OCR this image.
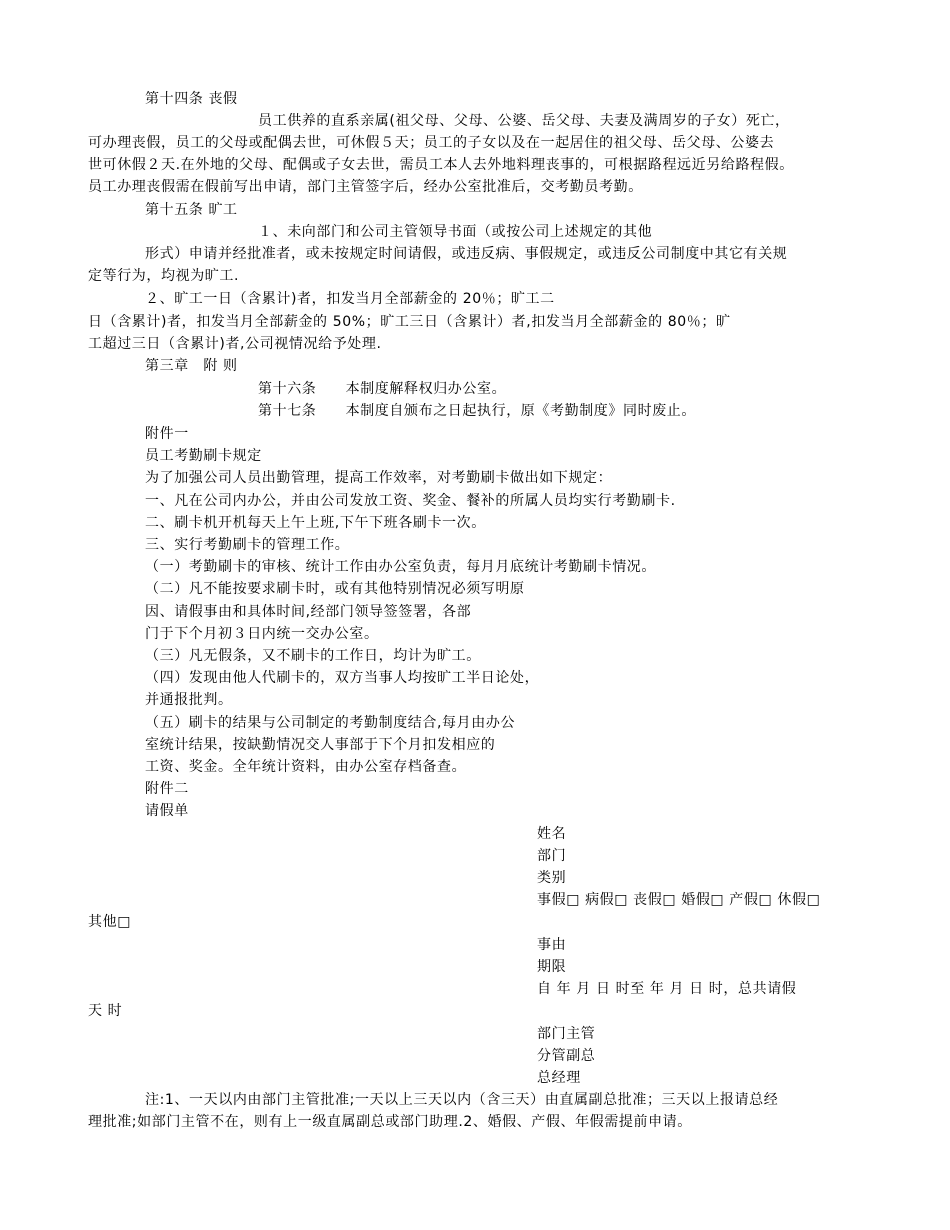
第十四条 丧假
员工供养的直系亲属(祖父母、父母、公婆、岳父母、夫妻及满周岁的子女）死亡，
可办理丧假，员工的父母或配偶去世，可休假５天；员工的子女以及在一起居住的祖父母、岳父母、公婆去
世可休假２天.在外地的父母、配偶或子女去世，需员工本人去外地料理丧事的，可根据路程远近另给路程假。
员工办理丧假需在假前写出申请，部门主管签字后，经办公室批准后，交考勤员考勤。
第十五条 旷工
１、未向部门和公司主管领导书面（或按公司上述规定的其他
形式）申请并经批准者，或未按规定时间请假，或违反病、事假规定，或违反公司制度中其它有关规
定等行为，均视为旷工.
２、旷工一日（含累计)者，扣发当月全部薪金的 20％；旷工二
日（含累计)者，扣发当月全部薪金的 50%；旷工三日（含累计）者,扣发当月全部薪金的 80％；旷
工超过三日（含累计)者,公司视情况给予处理.
第三章　附 则
第十六条　　本制度解释权归办公室。
第十七条　　本制度自颁布之日起执行，原《考勤制度》同时废止。
附件一
员工考勤刷卡规定
为了加强公司人员出勤管理，提高工作效率，对考勤刷卡做出如下规定：
一、凡在公司内办公，并由公司发放工资、奖金、餐补的所属人员均实行考勤刷卡.
二、刷卡机开机每天上午上班,下午下班各刷卡一次。
三、实行考勤刷卡的管理工作。
（一）考勤刷卡的审核、统计工作由办公室负责，每月月底统计考勤刷卡情况。
（二）凡不能按要求刷卡时，或有其他特别情况必须写明原
因、请假事由和具体时间,经部门领导签签署，各部
门于下个月初３日内统一交办公室。
（三）凡无假条，又不刷卡的工作日，均计为旷工。
（四）发现由他人代刷卡的，双方当事人均按旷工半日论处，
并通报批判。
（五）刷卡的结果与公司制定的考勤制度结合,每月由办公
室统计结果，按缺勤情况交人事部于下个月扣发相应的
工资、奖金。全年统计资料，由办公室存档备查。
附件二
请假单
姓名
部门
类别
事假□ 病假□ 丧假□ 婚假□ 产假□ 休假□
其他□
事由
期限
自 年 月 日 时至 年 月 日 时，总共请假
天 时
部门主管
分管副总
总经理
注:1、一天以内由部门主管批准;一天以上三天以内（含三天）由直属副总批准；三天以上报请总经
理批准;如部门主管不在，则有上一级直属副总或部门助理.2、婚假、产假、年假需提前申请。
